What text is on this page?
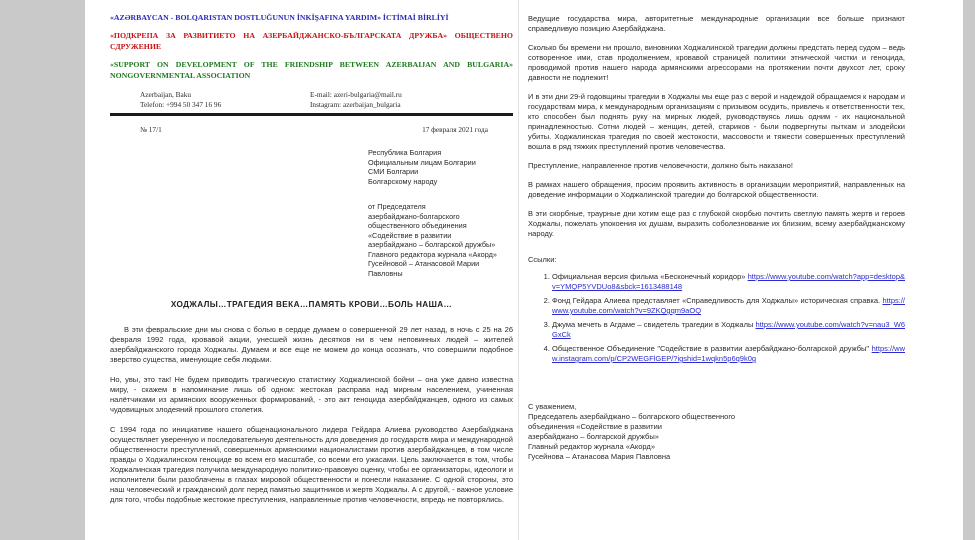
«AZƏRBAYCAN - BOLQARISTAN DOSTLUĞUNUN İNKİŞAFINA YARDIM» İCTİMAİ BİRLİYİ
«ПОДКРЕПА ЗА РАЗВИТИЕТО НА АЗЕРБАЙДЖАНСКО-БЪЛГАРСКАТА ДРУЖБА» ОБЩЕСТВЕНО СДРУЖЕНИЕ
«SUPPORT ON DEVELOPMENT OF THE FRIENDSHIP BETWEEN AZERBAIJAN AND BULGARIA» NONGOVERNMENTAL ASSOCIATION
Azerbaijan, Baku
Telefon: +994 50 347 16 96
E-mail: azeri-bulgaria@mail.ru
Instagram: azerbaijan_bulgaria
№ 17/1	17 февраля 2021 года
Республика Болгария
Официальным лицам Болгарии
СМИ Болгарии
Болгарскому народу
от Председателя
азербайджано-болгарского
общественного объединения
«Содействие в развитии
азербайджано – болгарской дружбы»
Главного редактора журнала «Акорд»
Гусейновой – Атанасовой Марии Павловны
ХОДЖАЛЫ…ТРАГЕДИЯ ВЕКА…ПАМЯТЬ КРОВИ…БОЛЬ НАША…

В эти февральские дни мы снова с болью в сердце думаем о совершенной 29 лет назад, в ночь с 25 на 26 февраля 1992 года, кровавой акции, унесшей жизнь десятков ни в чем неповинных людей – жителей азербайджанского города Ходжалы. Думаем и все еще не можем до конца осознать, что совершили подобное зверство существа, именующие себя людьми.

Но, увы, это так! Не будем приводить трагическую статистику Ходжалинской бойни – она уже давно известна миру, - скажем в напоминание лишь об одном: жестокая расправа над мирным населением, учиненная налётчиками из армянских вооруженных формирований, - это акт геноцида азербайджанцев, одного из самых чудовищных злодеяний прошлого столетия.

С 1994 года по инициативе нашего общенационального лидера Гейдара Алиева руководство Азербайджана осуществляет уверенную и последовательную деятельность для доведения до государств мира и международной общественности преступлений, совершенных армянскими националистами против азербайджанцев, в том числе правды о Ходжалинском геноциде во всем его масштабе, со всеми его ужасами. Цель заключается в том, чтобы Ходжалинская трагедия получила международную политико-правовую оценку, чтобы ее организаторы, идеологи и исполнители были разоблачены в глазах мировой общественности и понесли наказание. С одной стороны, это наш человеческий и гражданский долг перед памятью защитников и жертв Ходжалы. А с другой, - важное условие для того, чтобы подобные жестокие преступления, направленные против человечности, впредь не повторялись.

Ведущие государства мира, авторитетные международные организации все больше признают справедливую позицию Азербайджана.

Сколько бы времени ни прошло, виновники Ходжалинской трагедии должны предстать перед судом – ведь сотворенное ими, став продолжением, кровавой страницей политики этнической чистки и геноцида, проводимой против нашего народа армянскими агрессорами на протяжении почти двухсот лет, сроку давности не подлежит!

И в эти дни 29-й годовщины трагедии в Ходжалы мы еще раз с верой и надеждой обращаемся к народам и государствам мира, к международным организациям с призывом осудить, привлечь к ответственности тех, кто способен был поднять руку на мирных людей, руководствуясь лишь одним - их национальной принадлежностью. Сотни людей – женщин, детей, стариков - были подвергнуты пыткам и злодейски убиты. Ходжалинская трагедия по своей жестокости, массовости и тяжести совершенных преступлений вошла в ряд тяжких преступлений против человечества.

Преступление, направленное против человечности, должно быть наказано!

В рамках нашего обращения, просим проявить активность в организации мероприятий, направленных на доведение информации о Ходжалинской трагедии до болгарской общественности.

В эти скорбные, траурные дни хотим еще раз с глубокой скорбью почтить светлую память жертв и героев Ходжалы, пожелать упокоения их душам, выразить соболезнование их близким, всему азербайджанскому народу.

Ссылки:
1. Официальная версия фильма «Бесконечный коридор» https://www.youtube.com/watch?app=desktop&v=YMQP5YVDUo8&sbck=1613488148
2. Фонд Гейдара Алиева представляет «Справедливость для Ходжалы» историческая справка. https://www.youtube.com/watch?v=9ZKQgqm9aOQ
3. Джума мечеть в Агдаме – свидетель трагедии в Ходжалы https://www.youtube.com/watch?v=nau3_W6GxCk
4. Общественное Объединение "Содействие в развитии азербайджано-болгарской дружбы" https://www.instagram.com/p/CP2WEGFlGEP/?igshid=1wqkn5p6q9k0g

С уважением,

Председатель азербайджано – болгарского общественного

объединения «Содействие в развитии

азербайджано – болгарской дружбы»

Главный редактор журнала «Акорд»

Гусейнова – Атанасова Мария Павловна
